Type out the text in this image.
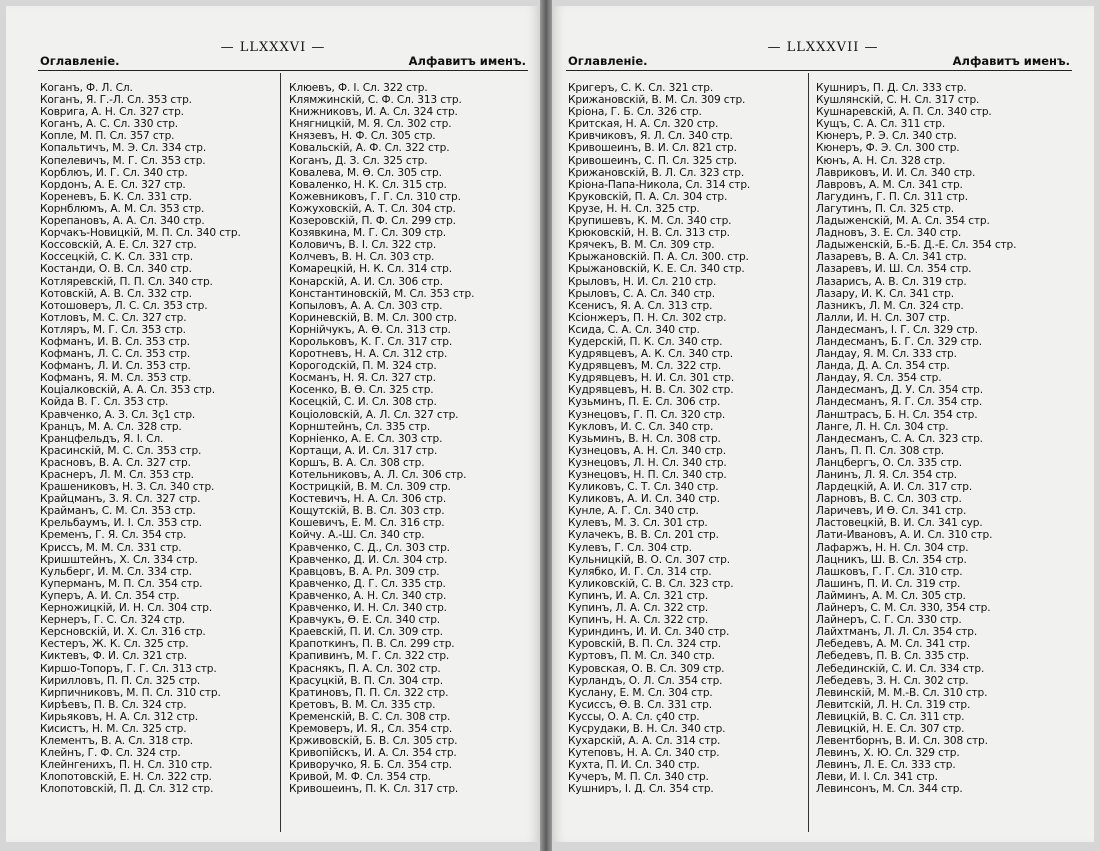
— LLXXXVI —
Оглавленіе.	Алфавитъ именъ.
Коганъ, Ф. Л. Сл.
Коганъ, Я. Г.-Л. Сл. 353 стр.
Ковригa, А. Н. Сл. 327 стр.
Коганъ, А. С. Сл. 330 стр.
Копле, М. П. Сл. 357 стр.
Копальтичъ, М. Э. Сл. 334 стр.
Копелевичъ, М. Г. Сл. 353 стр.
Корблюъ, И. Г. Сл. 340 стр.
Кордонъ, А. Е. Сл. 327 стр.
Кореневъ, Б. К. Сл. 331 стр.
Корнблюмъ, А. М. Сл. 353 стр.
Корепановъ, А. А. Сл. 340 стр.
Корчакъ-Новицкій, М. П. Сл. 340 стр.
Коссовскій, А. Е. Сл. 327 стр.
Коссецкій, С. К. Сл. 331 стр.
Костанди, О. В. Сл. 340 стр.
Котляревскій, П. П. Сл. 340 стр.
Котовскій, А. В. Сл. 332 стр.
Котошоверъ, Л. С. Сл. 353 стр.
Котловъ, М. С. Сл. 327 стр.
Котляръ, М. Г. Сл. 353 стр.
Кофманъ, И. В. Сл. 353 стр.
Кофманъ, Л. С. Сл. 353 стр.
Кофманъ, Л. И. Сл. 353 стр.
Кофманъ, Я. М. Сл. 353 стр.
Коцiалковскій, А. А. Сл. 353 стр.
Койда В. Г. Сл. 353 стр.
Кравченко, А. З. Сл. 3ç1 стр.
Кранцъ, М. А. Сл. 328 стр.
Кранцфельдъ, Я. І. Сл.
Красинскій, М. С. Сл. 353 стр.
Красновъ, В. А. Сл. 327 стр.
Краснеръ, Л. М. Сл. 353 стр.
Крашениковъ, Н. З. Сл. 340 стр.
Крайцманъ, З. Я. Сл. 327 стр.
Крайманъ, С. М. Сл. 353 стр.
Крельбаумъ, И. І. Сл. 353 стр.
Кременъ, Г. Я. Сл. 354 стр.
Криссъ, М. М. Сл. 331 стр.
Кришштейнъ, Х. Сл. 334 стр.
Кульберг, И. М. Сл. 334 стр.
Куперманъ, М. П. Сл. 354 стр.
Куперъ, А. И. Сл. 354 стр.
Керножицкій, И. Н. Сл. 304 стр.
Кернеръ, Г. С. Сл. 324 стр.
Керсновскій, И. Х. Сл. 316 стр.
Кестеръ, Ж. К. Сл. 325 стр.
Киктевъ, Ф. И. Сл. 321 стр.
Киршо-Топоръ, Г. Г. Сл. 313 стр.
Кирилловъ, П. П. Сл. 325 стр.
Кирпичниковъ, М. П. Сл. 310 стр.
Кирѣевъ, П. В. Сл. 324 стр.
Кирьяковъ, Н. А. Сл. 312 стр.
Кисистъ, Н. М. Сл. 325 стр.
Клементъ, В. А. Сл. 318 стр.
Клейнъ, Г. Ф. Сл. 324 стр.
Клейнгенихъ, П. Н. Сл. 310 стр.
Клопотовскій, Е. Н. Сл. 322 стр.
Клопотовскій, П. Д. Сл. 312 стр.
Клюевъ, Ф. І. Сл. 322 стр.
Клямжинскій, С. Ф. Сл. 313 стр.
Книжниковъ, И. А. Сл. 324 стр.
Княгницкій, М. Я. Сл. 302 стр.
Князевъ, Н. Ф. Сл. 305 стр.
Ковальскій, А. Ф. Сл. 322 стр.
Коганъ, Д. З. Сл. 325 стр.
Ковалева, М. Ѳ. Сл. 305 стр.
Коваленко, Н. К. Сл. 315 стр.
Кожевниковъ, Г. Г. Сл. 310 стр.
Кожуховскій, А. Т. Сл. 304 стр.
Козеровскій, П. Ф. Сл. 299 стр.
Козявкина, М. Г. Сл. 309 стр.
Коловичъ, В. І. Сл. 322 стр.
Колчевъ, В. Н. Сл. 303 стр.
Комарецкій, Н. К. Сл. 314 стр.
Конарскій, А. И. Сл. 306 стр.
Константиновскій, М. Сл. 353 стр.
Копыловъ, А. А. Сл. 303 стр.
Кориневскій, В. М. Сл. 300 стр.
Корнійчукъ, А. Ѳ. Сл. 313 стр.
Корольковъ, К. Г. Сл. 317 стр.
Коротневъ, Н. А. Сл. 312 стр.
Корогодскій, П. М. 324 стр.
Косманъ, Н. Я. Сл. 327 стр.
Косенко, В. Ѳ. Сл. 325 стр.
Косецкій, С. И. Сл. 308 стр.
Коціоловскій, А. Л. Сл. 327 стр.
Корнштейнъ, Сл. 335 стр.
Корніенко, А. Е. Сл. 303 стр.
Кортащи, А. И. Сл. 317 стр.
Коршъ, В. А. Сл. 308 стр.
Котельниковъ, А. Л. Сл. 306 стр.
Кострицкій, В. М. Сл. 309 стр.
Костевичъ, Н. А. Сл. 306 стр.
Кощутскій, В. В. Сл. 303 стр.
Кошевичъ, Е. М. Сл. 316 стр.
Койчу. А.-Ш. Сл. 340 стр.
Кравченко, С. Д., Сл. 303 стр.
Кравченко, Д. И. Сл. 304 стр.
Кравцовъ, В. А. Рл. 309 стр.
Кравченко, Д. Г. Сл. 335 стр.
Кравченко, А. Н. Сл. 340 стр.
Кравченко, И. Н. Сл. 340 стр.
Кравчукъ, Ѳ. Е. Сл. 340 стр.
Краевскій, П. И. Сл. 309 стр.
Крапоткинъ, П. В. Сл. 299 стр.
Крапивинъ, М. Г. Сл. 322 стр.
Краснякъ, П. А. Сл. 302 стр.
Красуцкій, В. П. Сл. 304 стр.
Кратиновъ, П. П. Сл. 322 стр.
Кретовъ, В. М. Сл. 335 стр.
Кременскій, В. С. Сл. 308 стр.
Кремоверъ, И. Я., Сл. 354 стр.
Крживовскій, Б. В. Сл. 305 стр.
Кривопійскъ, И. А. Сл. 354 стр.
Криворучко, Я. Б. Сл. 354 стр.
Кривой, М. Ф. Сл. 354 стр.
Кривошеинъ, П. К. Сл. 317 стр.
— LLXXXVII —
Оглавленіе.	Алфавитъ именъ.
Кригеръ, С. К. Сл. 321 стр.
Крижановскій, В. М. Сл. 309 стр.
Кріона, Г. Б. Сл. 326 стр.
Критская, Н. А. Сл. 320 стр.
Кривчиковъ, Я. Л. Сл. 340 стр.
Кривошеинъ, В. И. Сл. 821 стр.
Кривошеинъ, С. П. Сл. 325 стр.
Крижановскій, В. Л. Сл. 323 стр.
Кріона-Папа-Никола, Сл. 314 стр.
Круковскій, П. А. Сл. 304 стр.
Крузе, Н. Н. Сл. 325 стр.
Крупишевъ, К. М. Сл. 340 стр.
Крюковскій, Н. В. Сл. 313 стр.
Крячекъ, В. М. Сл. 309 стр.
Крыжановскій. П. А. Сл. 300. стр.
Крыжановскій, К. Е. Сл. 340 стр.
Крыловъ, Н. И. Сл. 210 стр.
Крыловъ, С. А. Сл. 340 стр.
Ксенисъ, Я. А. Сл. 313 стр.
Ксіонжеръ, П. Н. Сл. 302 стр.
Ксида, С. А. Сл. 340 стр.
Кудерскій, П. К. Сл. 340 стр.
Кудрявцевъ, А. К. Сл. 340 стр.
Кудрявцевъ, М. Сл. 322 стр.
Кудрявцевъ, Н. И. Сл. 301 стр.
Кудрявцевъ, Н. В. Сл. 302 стр.
Кузьминъ, П. Е. Сл. 306 стр.
Кузнецовъ, Г. П. Сл. 320 стр.
Кукловъ, И. С. Сл. 340 стр.
Кузьминъ, В. Н. Сл. 308 стр.
Кузнецовъ, А. Н. Сл. 340 стр.
Кузнецовъ, Л. Н. Сл. 340 стр.
Кузнецовъ, Н. П. Сл. 340 стр.
Куликовъ, С. Т. Сл. 340 стр.
Куликовъ, А. И. Сл. 340 стр.
Кунле, А. Г. Сл. 340 стр.
Кулевъ, М. З. Сл. 301 стр.
Кулачекъ, В. В. Сл. 201 стр.
Кулевъ, Г. Сл. 304 стр.
Кульницкій, В. О. Сл. 307 стр.
Кулябко, И. Г. Сл. 314 стр.
Куликовскій, С. В. Сл. 323 стр.
Купинъ, И. А. Сл. 321 стр.
Купинъ, Л. А. Сл. 322 стр.
Купинъ, Н. А. Сл. 322 стр.
Куриндинъ, И. И. Сл. 340 стр.
Куровскій, В. П. Сл. 324 стр.
Куртовъ, П. М. Сл. 340 стр.
Куровская, О. В. Сл. 309 стр.
Курландъ, О. Л. Сл. 354 стр.
Куслану, Е. М. Сл. 304 стр.
Кусиссъ, Ѳ. В. Сл. 331 стр.
Куссы, О. А. Сл. ç40 стр.
Кусрудаки, В. Н. Сл. 340 стр.
Кухарскій, А. А. Сл. 314 стр.
Кутеповъ, Н. А. Сл. 340 стр.
Кухта, П. И. Сл. 340 стр.
Кучеръ, М. П. Сл. 340 стр.
Кушниръ, І. Д. Сл. 354 стр.
Кушниръ, П. Д. Сл. 333 стр.
Кушлянскій, С. Н. Сл. 317 стр.
Кушнаревскій, А. П. Сл. 340 стр.
Кущъ, С. А. Сл. 311 стр.
Кюнеръ, Р. Э. Сл. 340 стр.
Кюнеръ, Ф. Э. Сл. 300 стр.
Кюнъ, А. Н. Сл. 328 стр.
Лавриковъ, И. И. Сл. 340 стр.
Лавровъ, А. М. Сл. 341 стр.
Лагудинъ, Г. П. Сл. 311 стр.
Лагутинъ, П. Сл. 325 стр.
Ладыженскій, М. А. Сл. 354 стр.
Ладновъ, З. Е. Сл. 340 стр.
Ладыженскій, Б.-Б. Д.-Е. Сл. 354 стр.
Лазаревъ, В. А. Сл. 341 стр.
Лазаревъ, И. Ш. Сл. 354 стр.
Лазарисъ, А. В. Сл. 319 стр.
Лазару, И. К. Сл. 341 стр.
Лазникъ, Л. М. Сл. 324 стр.
Лалли, И. Н. Сл. 307 стр.
Ландесманъ, І. Г. Сл. 329 стр.
Ландесманъ, Б. Г. Сл. 329 стр.
Ландау, Я. М. Сл. 333 стр.
Ланда, Д. А. Сл. 354 стр.
Ландау, Я. Сл. 354 стр.
Ландесманъ, Д. У. Сл. 354 стр.
Ландесманъ, Я. Г. Сл. 354 стр.
Ланштрасъ, Б. Н. Сл. 354 стр.
Ланге, Л. Н. Сл. 304 стр.
Ландесманъ, С. А. Сл. 323 стр.
Ланъ, П. П. Сл. 308 стр.
Ланцбергъ, О. Сл. 335 стр.
Ланинъ, Л. Я. Сл. 354 стр.
Лардецкій, А. И. Сл. 317 стр.
Ларновъ, В. С. Сл. 303 стр.
Ларичевъ, И Ѳ. Сл. 341 стр.
Ластовецкій, В. И. Сл. 341 сур.
Лати-Ивановъ, А. И. Сл. 310 стр.
Лафаржъ, Н. Н. Сл. 304 стр.
Лацникъ, Ш. В. Сл. 354 стр.
Лашковъ, Г. Г. Сл. 310 стр.
Лашинъ, П. И. Сл. 319 стр.
Лайминъ, А. М. Сл. 305 стр.
Лайнеръ, С. М. Сл. 330, 354 стр.
Лайнеръ, С. Г. Сл. 330 стр.
Лайхтманъ, Л. Л. Сл. 354 стр.
Лебедевъ, А. М. Сл. 341 стр.
Лебедевъ, П. В. Сл. 335 стр.
Лебединскій, С. И. Сл. 334 стр.
Лебедевъ, З. Н. Сл. 302 стр.
Левинскій, М. М.-В. Сл. 310 стр.
Левитскій, Л. Н. Сл. 319 стр.
Левицкій, В. С. Сл. 311 стр.
Левицкій, Н. Е. Сл. 307 стр.
Левентборнъ, В. И. Сл. 308 стр.
Левинъ, Х. Ю. Сл. 329 стр.
Левинъ, Л. Е. Сл. 333 стр.
Леви, И. І. Сл. 341 стр.
Левинсонъ, М. Сл. 344 стр.
